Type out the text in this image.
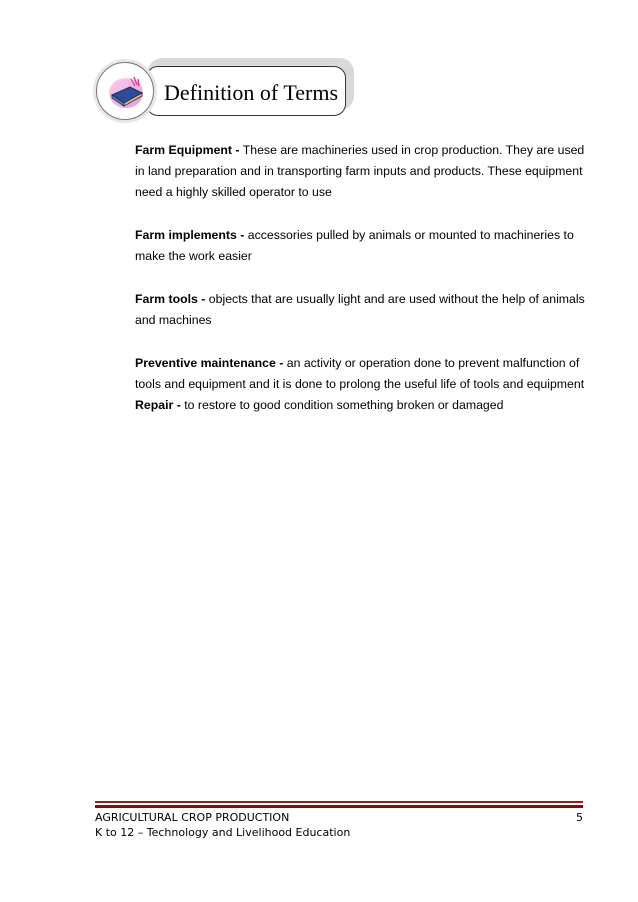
Definition of Terms

Farm Equipment - These are machineries used in crop production. They are used in land preparation and in transporting farm inputs and products. These equipment need a highly skilled operator to use

Farm implements - accessories pulled by animals or mounted to machineries to make the work easier

Farm tools - objects that are usually light and are used without the help of animals and machines

Preventive maintenance - an activity or operation done to prevent malfunction of tools and equipment and it is done to prolong the useful life of tools and equipment

Repair - to restore to good condition something broken or damaged

AGRICULTURAL CROP PRODUCTION	5
K to 12 – Technology and Livelihood Education
